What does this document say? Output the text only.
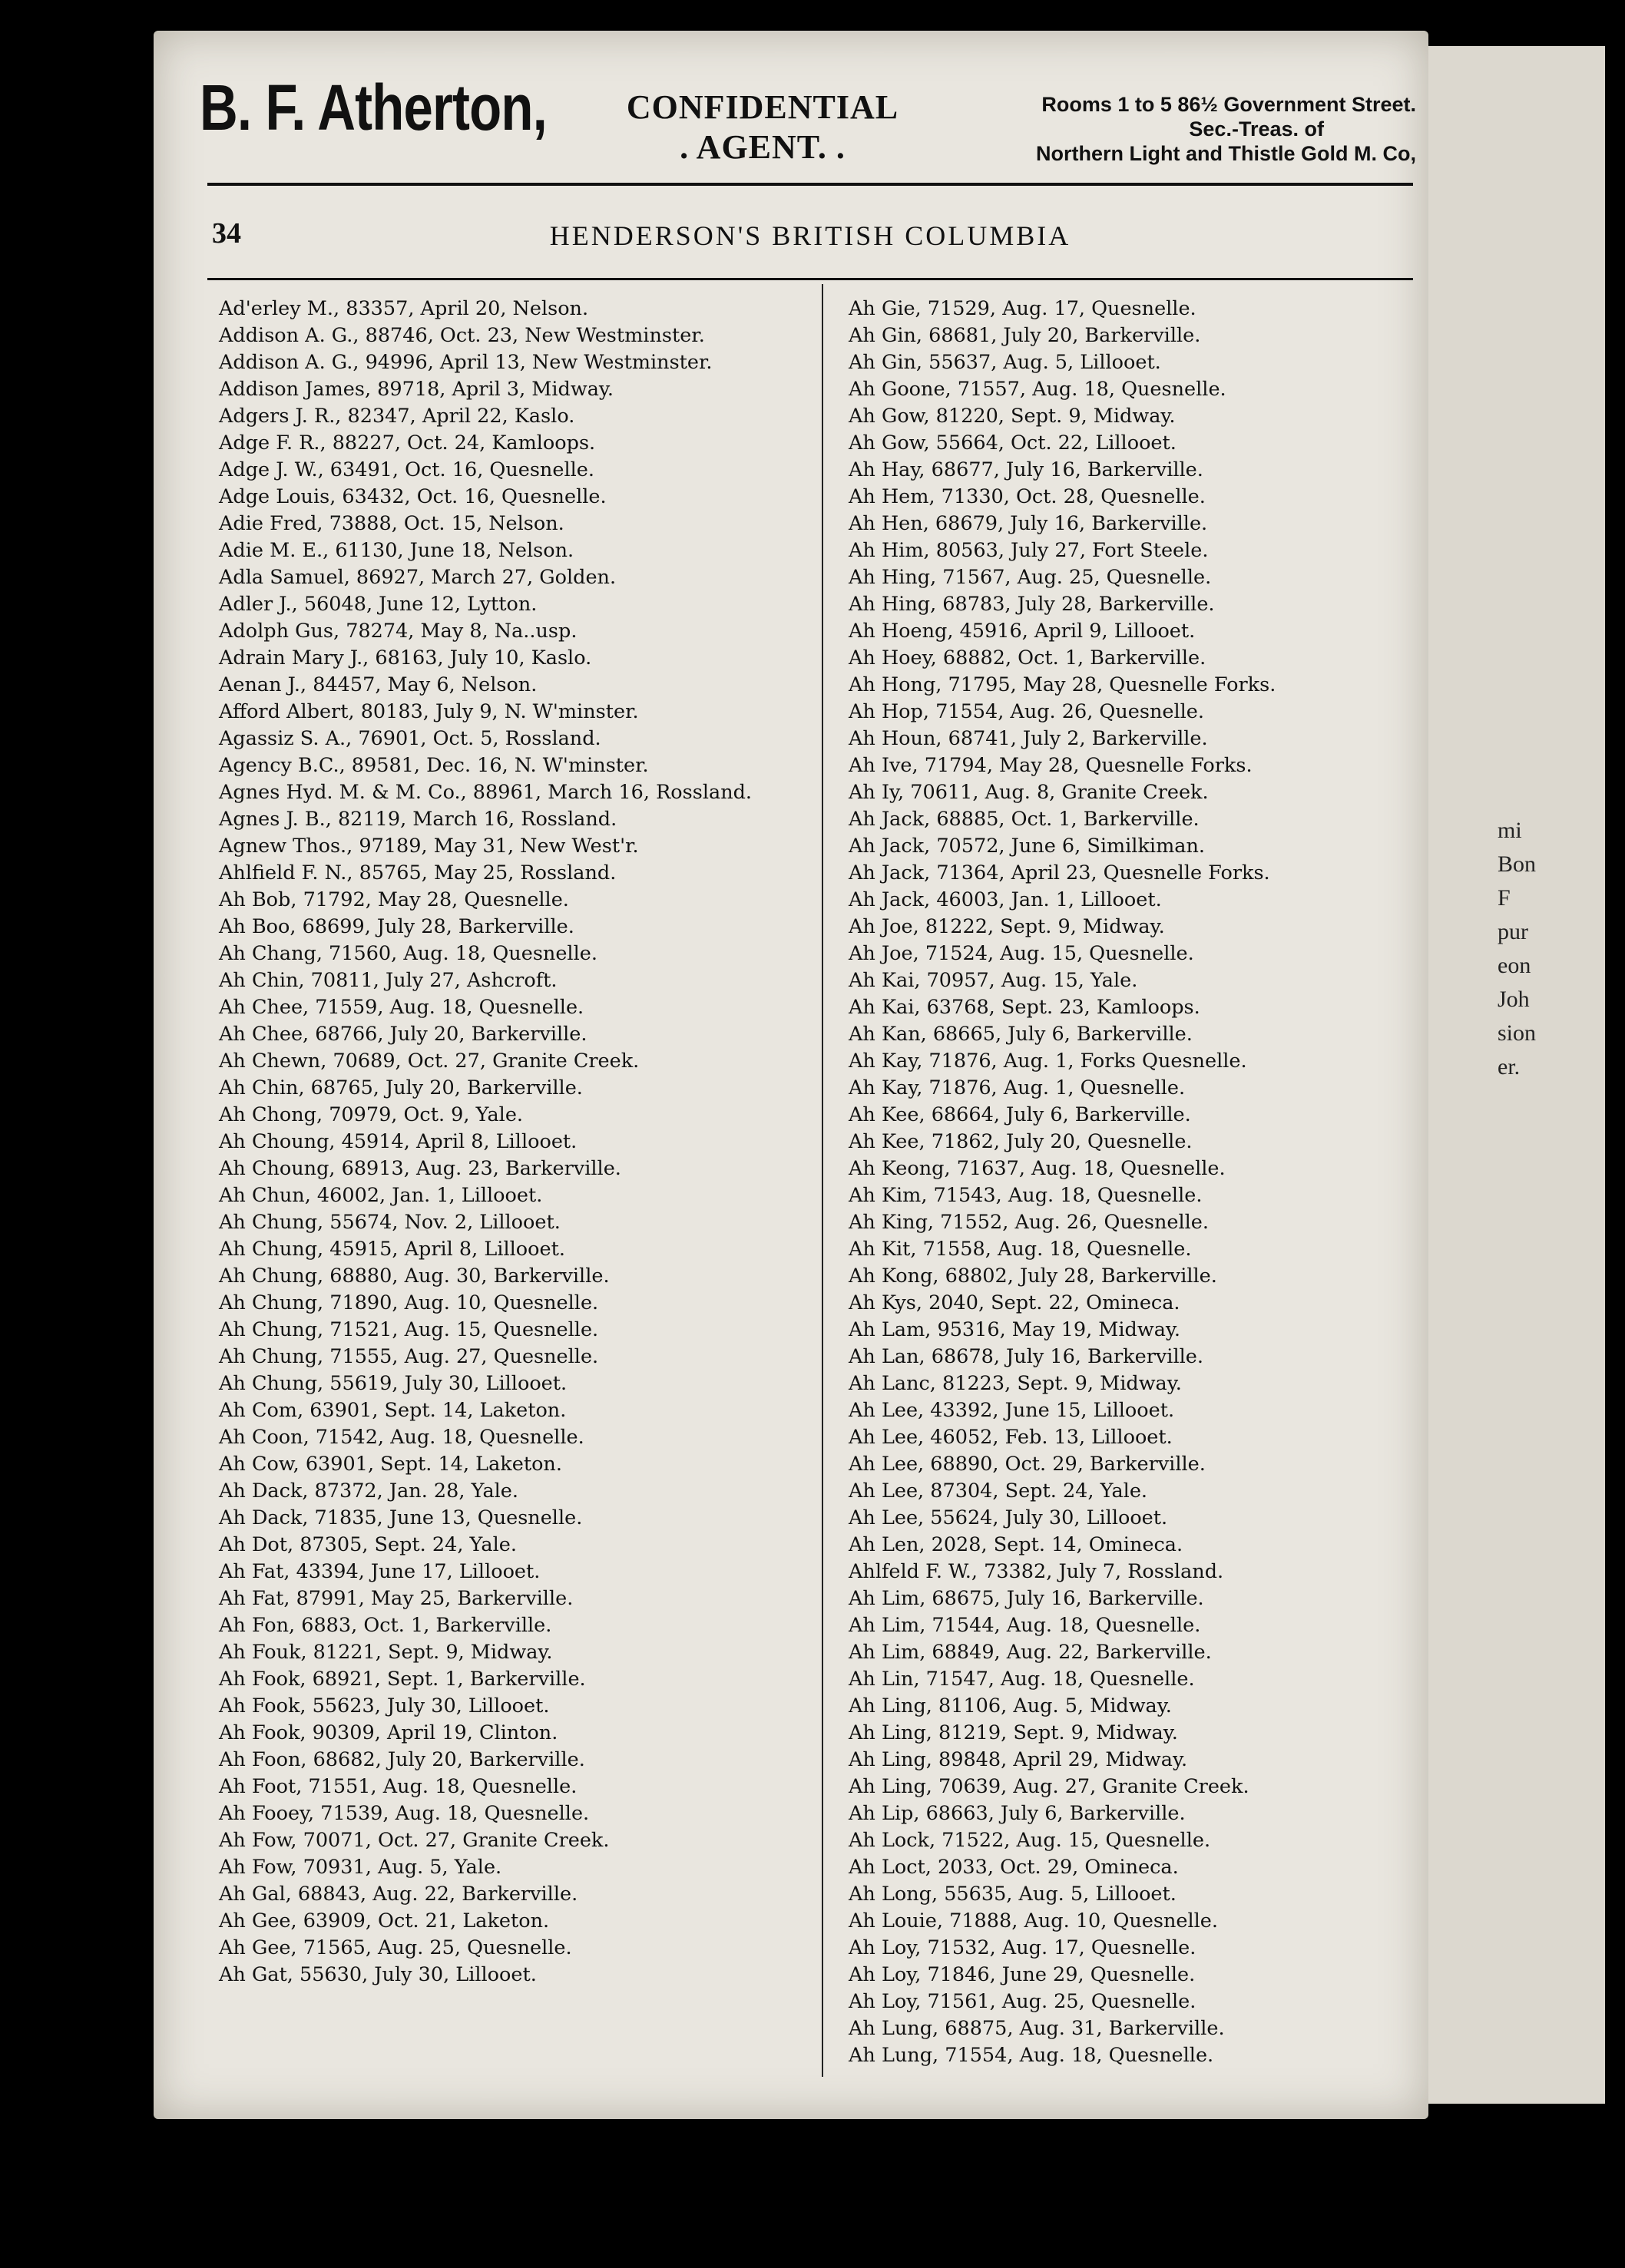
mi
Bon
F
pur
eon
Joh
sion
er.
B. F. Atherton,	CONFIDENTIAL
. AGENT. .
Rooms 1 to 5 86½ Government Street.
Sec.-Treas. of
Northern Light and Thistle Gold M. Co,
34	HENDERSON'S BRITISH COLUMBIA
Ad'erley M., 83357, April 20, Nelson.
Addison A. G., 88746, Oct. 23, New Westminster.
Addison A. G., 94996, April 13, New Westminster.
Addison James, 89718, April 3, Midway.
Adgers J. R., 82347, April 22, Kaslo.
Adge F. R., 88227, Oct. 24, Kamloops.
Adge J. W., 63491, Oct. 16, Quesnelle.
Adge Louis, 63432, Oct. 16, Quesnelle.
Adie Fred, 73888, Oct. 15, Nelson.
Adie M. E., 61130, June 18, Nelson.
Adla Samuel, 86927, March 27, Golden.
Adler J., 56048, June 12, Lytton.
Adolph Gus, 78274, May 8, Na..usp.
Adrain Mary J., 68163, July 10, Kaslo.
Aenan J., 84457, May 6, Nelson.
Afford Albert, 80183, July 9, N. W'minster.
Agassiz S. A., 76901, Oct. 5, Rossland.
Agency B.C., 89581, Dec. 16, N. W'minster.
Agnes Hyd. M. & M. Co., 88961, March 16, Rossland.
Agnes J. B., 82119, March 16, Rossland.
Agnew Thos., 97189, May 31, New West'r.
Ahlfield F. N., 85765, May 25, Rossland.
Ah Bob, 71792, May 28, Quesnelle.
Ah Boo, 68699, July 28, Barkerville.
Ah Chang, 71560, Aug. 18, Quesnelle.
Ah Chin, 70811, July 27, Ashcroft.
Ah Chee, 71559, Aug. 18, Quesnelle.
Ah Chee, 68766, July 20, Barkerville.
Ah Chewn, 70689, Oct. 27, Granite Creek.
Ah Chin, 68765, July 20, Barkerville.
Ah Chong, 70979, Oct. 9, Yale.
Ah Choung, 45914, April 8, Lillooet.
Ah Choung, 68913, Aug. 23, Barkerville.
Ah Chun, 46002, Jan. 1, Lillooet.
Ah Chung, 55674, Nov. 2, Lillooet.
Ah Chung, 45915, April 8, Lillooet.
Ah Chung, 68880, Aug. 30, Barkerville.
Ah Chung, 71890, Aug. 10, Quesnelle.
Ah Chung, 71521, Aug. 15, Quesnelle.
Ah Chung, 71555, Aug. 27, Quesnelle.
Ah Chung, 55619, July 30, Lillooet.
Ah Com, 63901, Sept. 14, Laketon.
Ah Coon, 71542, Aug. 18, Quesnelle.
Ah Cow, 63901, Sept. 14, Laketon.
Ah Dack, 87372, Jan. 28, Yale.
Ah Dack, 71835, June 13, Quesnelle.
Ah Dot, 87305, Sept. 24, Yale.
Ah Fat, 43394, June 17, Lillooet.
Ah Fat, 87991, May 25, Barkerville.
Ah Fon, 6883, Oct. 1, Barkerville.
Ah Fouk, 81221, Sept. 9, Midway.
Ah Fook, 68921, Sept. 1, Barkerville.
Ah Fook, 55623, July 30, Lillooet.
Ah Fook, 90309, April 19, Clinton.
Ah Foon, 68682, July 20, Barkerville.
Ah Foot, 71551, Aug. 18, Quesnelle.
Ah Fooey, 71539, Aug. 18, Quesnelle.
Ah Fow, 70071, Oct. 27, Granite Creek.
Ah Fow, 70931, Aug. 5, Yale.
Ah Gal, 68843, Aug. 22, Barkerville.
Ah Gee, 63909, Oct. 21, Laketon.
Ah Gee, 71565, Aug. 25, Quesnelle.
Ah Gat, 55630, July 30, Lillooet.
Ah Gie, 71529, Aug. 17, Quesnelle.
Ah Gin, 68681, July 20, Barkerville.
Ah Gin, 55637, Aug. 5, Lillooet.
Ah Goone, 71557, Aug. 18, Quesnelle.
Ah Gow, 81220, Sept. 9, Midway.
Ah Gow, 55664, Oct. 22, Lillooet.
Ah Hay, 68677, July 16, Barkerville.
Ah Hem, 71330, Oct. 28, Quesnelle.
Ah Hen, 68679, July 16, Barkerville.
Ah Him, 80563, July 27, Fort Steele.
Ah Hing, 71567, Aug. 25, Quesnelle.
Ah Hing, 68783, July 28, Barkerville.
Ah Hoeng, 45916, April 9, Lillooet.
Ah Hoey, 68882, Oct. 1, Barkerville.
Ah Hong, 71795, May 28, Quesnelle Forks.
Ah Hop, 71554, Aug. 26, Quesnelle.
Ah Houn, 68741, July 2, Barkerville.
Ah Ive, 71794, May 28, Quesnelle Forks.
Ah Iy, 70611, Aug. 8, Granite Creek.
Ah Jack, 68885, Oct. 1, Barkerville.
Ah Jack, 70572, June 6, Similkiman.
Ah Jack, 71364, April 23, Quesnelle Forks.
Ah Jack, 46003, Jan. 1, Lillooet.
Ah Joe, 81222, Sept. 9, Midway.
Ah Joe, 71524, Aug. 15, Quesnelle.
Ah Kai, 70957, Aug. 15, Yale.
Ah Kai, 63768, Sept. 23, Kamloops.
Ah Kan, 68665, July 6, Barkerville.
Ah Kay, 71876, Aug. 1, Forks Quesnelle.
Ah Kay, 71876, Aug. 1, Quesnelle.
Ah Kee, 68664, July 6, Barkerville.
Ah Kee, 71862, July 20, Quesnelle.
Ah Keong, 71637, Aug. 18, Quesnelle.
Ah Kim, 71543, Aug. 18, Quesnelle.
Ah King, 71552, Aug. 26, Quesnelle.
Ah Kit, 71558, Aug. 18, Quesnelle.
Ah Kong, 68802, July 28, Barkerville.
Ah Kys, 2040, Sept. 22, Omineca.
Ah Lam, 95316, May 19, Midway.
Ah Lan, 68678, July 16, Barkerville.
Ah Lanc, 81223, Sept. 9, Midway.
Ah Lee, 43392, June 15, Lillooet.
Ah Lee, 46052, Feb. 13, Lillooet.
Ah Lee, 68890, Oct. 29, Barkerville.
Ah Lee, 87304, Sept. 24, Yale.
Ah Lee, 55624, July 30, Lillooet.
Ah Len, 2028, Sept. 14, Omineca.
Ahlfeld F. W., 73382, July 7, Rossland.
Ah Lim, 68675, July 16, Barkerville.
Ah Lim, 71544, Aug. 18, Quesnelle.
Ah Lim, 68849, Aug. 22, Barkerville.
Ah Lin, 71547, Aug. 18, Quesnelle.
Ah Ling, 81106, Aug. 5, Midway.
Ah Ling, 81219, Sept. 9, Midway.
Ah Ling, 89848, April 29, Midway.
Ah Ling, 70639, Aug. 27, Granite Creek.
Ah Lip, 68663, July 6, Barkerville.
Ah Lock, 71522, Aug. 15, Quesnelle.
Ah Loct, 2033, Oct. 29, Omineca.
Ah Long, 55635, Aug. 5, Lillooet.
Ah Louie, 71888, Aug. 10, Quesnelle.
Ah Loy, 71532, Aug. 17, Quesnelle.
Ah Loy, 71846, June 29, Quesnelle.
Ah Loy, 71561, Aug. 25, Quesnelle.
Ah Lung, 68875, Aug. 31, Barkerville.
Ah Lung, 71554, Aug. 18, Quesnelle.
